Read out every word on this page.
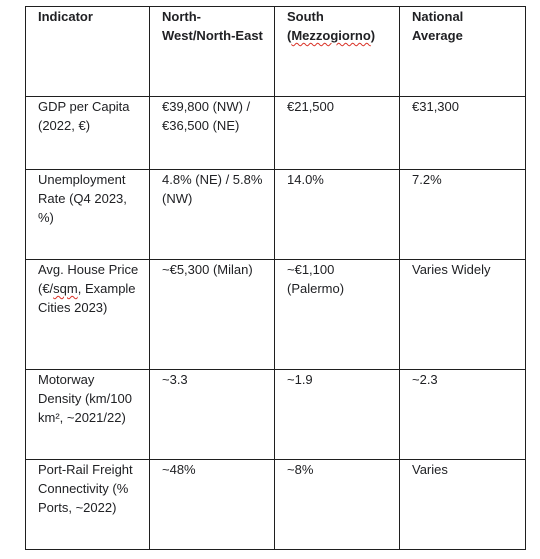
Indicator	North-West/North-East	South (Mezzogiorno)	National Average
GDP per Capita (2022, €)	€39,800 (NW) / €36,500 (NE)	€21,500	€31,300
Unemployment Rate (Q4 2023, %)	4.8% (NE) / 5.8% (NW)	14.0%	7.2%
Avg. House Price (€/sqm, Example Cities 2023)	~€5,300 (Milan)	~€1,100 (Palermo)	Varies Widely
Motorway Density (km/100 km², ~2021/22)	~3.3	~1.9	~2.3
Port-Rail Freight Connectivity (% Ports, ~2022)	~48%	~8%	Varies
